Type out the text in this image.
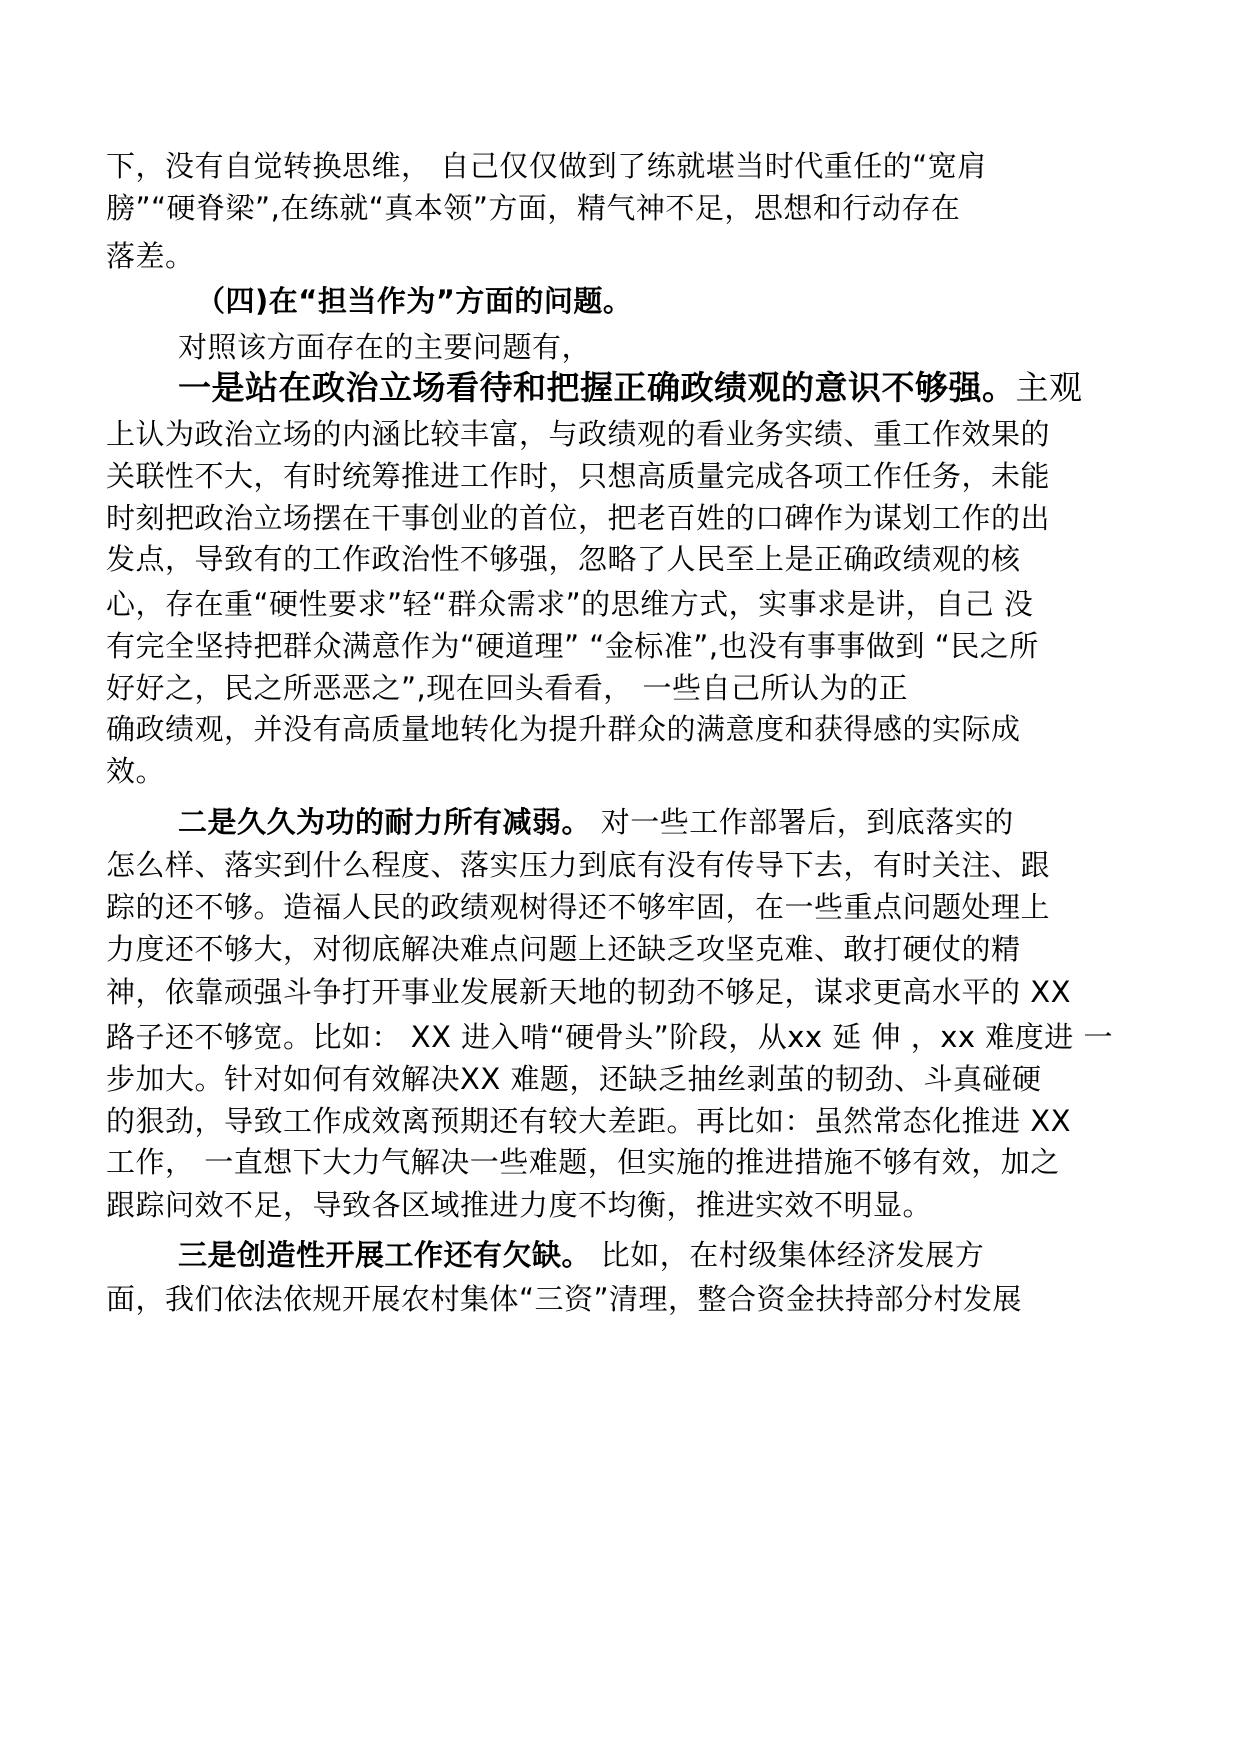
下，没有自觉转换思维， 自己仅仅做到了练就堪当时代重任的“宽肩
膀”“硬脊梁”,在练就“真本领”方面，精气神不足，思想和行动存在
落差。
（四)在“担当作为”方面的问题。
对照该方面存在的主要问题有，
一是站在政治立场看待和把握正确政绩观的意识不够强。主观
上认为政治立场的内涵比较丰富，与政绩观的看业务实绩、重工作效果的
关联性不大，有时统筹推进工作时，只想高质量完成各项工作任务，未能
时刻把政治立场摆在干事创业的首位，把老百姓的口碑作为谋划工作的出
发点，导致有的工作政治性不够强，忽略了人民至上是正确政绩观的核
心，存在重“硬性要求”轻“群众需求”的思维方式，实事求是讲，自己 没
有完全坚持把群众满意作为“硬道理” “金标准”,也没有事事做到 “民之所
好好之，民之所恶恶之”,现在回头看看， 一些自己所认为的正
确政绩观，并没有高质量地转化为提升群众的满意度和获得感的实际成
效。
二是久久为功的耐力所有减弱。 对一些工作部署后，到底落实的
怎么样、落实到什么程度、落实压力到底有没有传导下去，有时关注、跟
踪的还不够。造福人民的政绩观树得还不够牢固，在一些重点问题处理上
力度还不够大，对彻底解决难点问题上还缺乏攻坚克难、敢打硬仗的精
神，依靠顽强斗争打开事业发展新天地的韧劲不够足，谋求更高水平的 XX
路子还不够宽。比如： XX 进入啃“硬骨头”阶段，从xx 延 伸 ，xx 难度进 一
步加大。针对如何有效解决XX 难题，还缺乏抽丝剥茧的韧劲、斗真碰硬
的狠劲，导致工作成效离预期还有较大差距。再比如：虽然常态化推进 XX
工作， 一直想下大力气解决一些难题，但实施的推进措施不够有效，加之
跟踪问效不足，导致各区域推进力度不均衡，推进实效不明显。
三是创造性开展工作还有欠缺。 比如，在村级集体经济发展方
面，我们依法依规开展农村集体“三资”清理，整合资金扶持部分村发展
